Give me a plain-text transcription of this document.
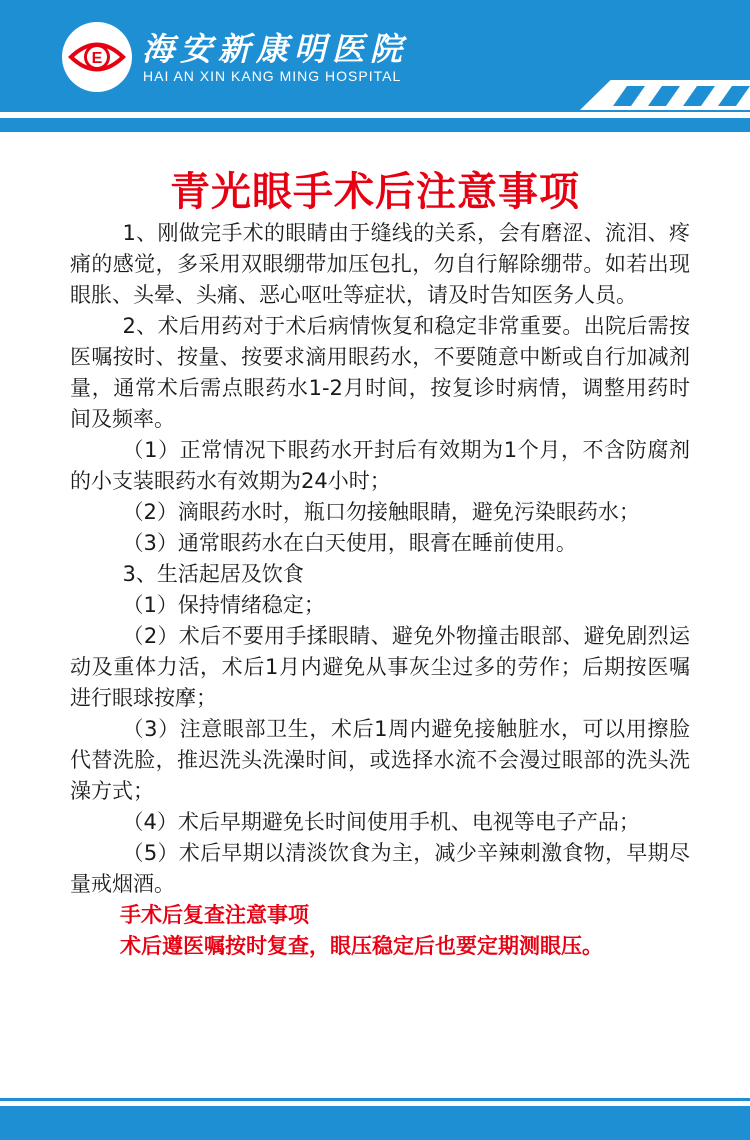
E 海安新康明医院
HAI AN XIN KANG MING HOSPITAL
青光眼手术后注意事项

1、刚做完手术的眼睛由于缝线的关系，会有磨涩、流泪、疼痛的感觉，多采用双眼绷带加压包扎，勿自行解除绷带。如若出现眼胀、头晕、头痛、恶心呕吐等症状，请及时告知医务人员。

2、术后用药对于术后病情恢复和稳定非常重要。出院后需按医嘱按时、按量、按要求滴用眼药水，不要随意中断或自行加减剂量，通常术后需点眼药水1-2月时间，按复诊时病情，调整用药时间及频率。

（1）正常情况下眼药水开封后有效期为1个月，不含防腐剂的小支装眼药水有效期为24小时；

（2）滴眼药水时，瓶口勿接触眼睛，避免污染眼药水；

（3）通常眼药水在白天使用，眼膏在睡前使用。

3、生活起居及饮食

（1）保持情绪稳定；

（2）术后不要用手揉眼睛、避免外物撞击眼部、避免剧烈运动及重体力活，术后1月内避免从事灰尘过多的劳作；后期按医嘱进行眼球按摩；

（3）注意眼部卫生，术后1周内避免接触脏水，可以用擦脸代替洗脸，推迟洗头洗澡时间，或选择水流不会漫过眼部的洗头洗澡方式；

（4）术后早期避免长时间使用手机、电视等电子产品；

（5）术后早期以清淡饮食为主，减少辛辣刺激食物，早期尽量戒烟酒。

手术后复查注意事项

术后遵医嘱按时复查，眼压稳定后也要定期测眼压。
